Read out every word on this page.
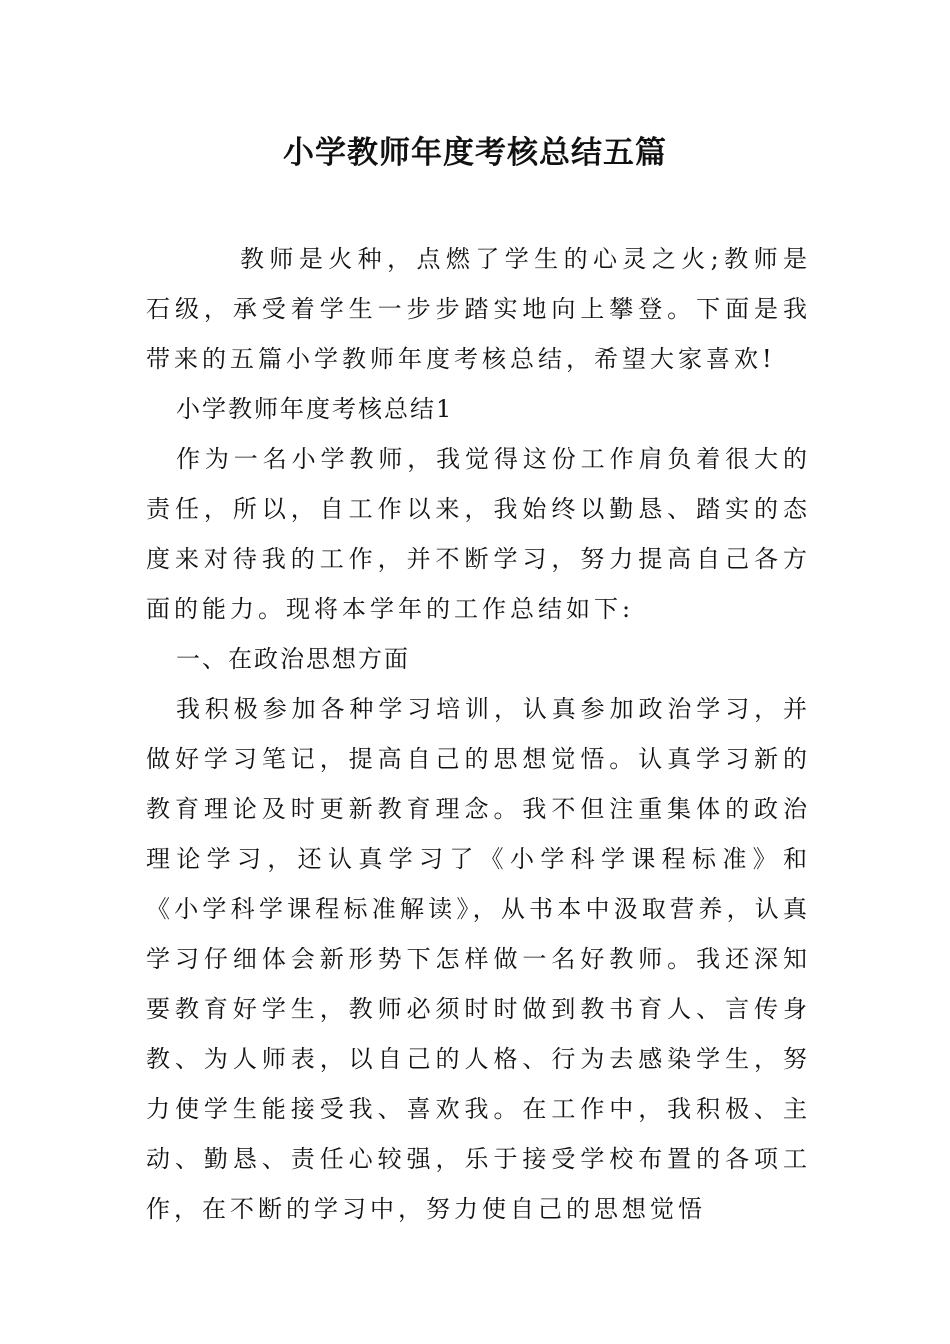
小学教师年度考核总结五篇

教师是火种，点燃了学生的心灵之火;教师是石级，承受着学生一步步踏实地向上攀登。下面是我带来的五篇小学教师年度考核总结，希望大家喜欢!

小学教师年度考核总结1

作为一名小学教师，我觉得这份工作肩负着很大的责任，所以，自工作以来，我始终以勤恳、踏实的态度来对待我的工作，并不断学习，努力提高自己各方面的能力。现将本学年的工作总结如下:

一、在政治思想方面

我积极参加各种学习培训，认真参加政治学习，并做好学习笔记，提高自己的思想觉悟。认真学习新的教育理论及时更新教育理念。我不但注重集体的政治理论学习，还认真学习了《小学科学课程标准》和《小学科学课程标准解读》，从书本中汲取营养，认真学习仔细体会新形势下怎样做一名好教师。我还深知要教育好学生，教师必须时时做到教书育人、言传身教、为人师表，以自己的人格、行为去感染学生，努力使学生能接受我、喜欢我。在工作中，我积极、主动、勤恳、责任心较强，乐于接受学校布置的各项工作，在不断的学习中，努力使自己的思想觉悟
